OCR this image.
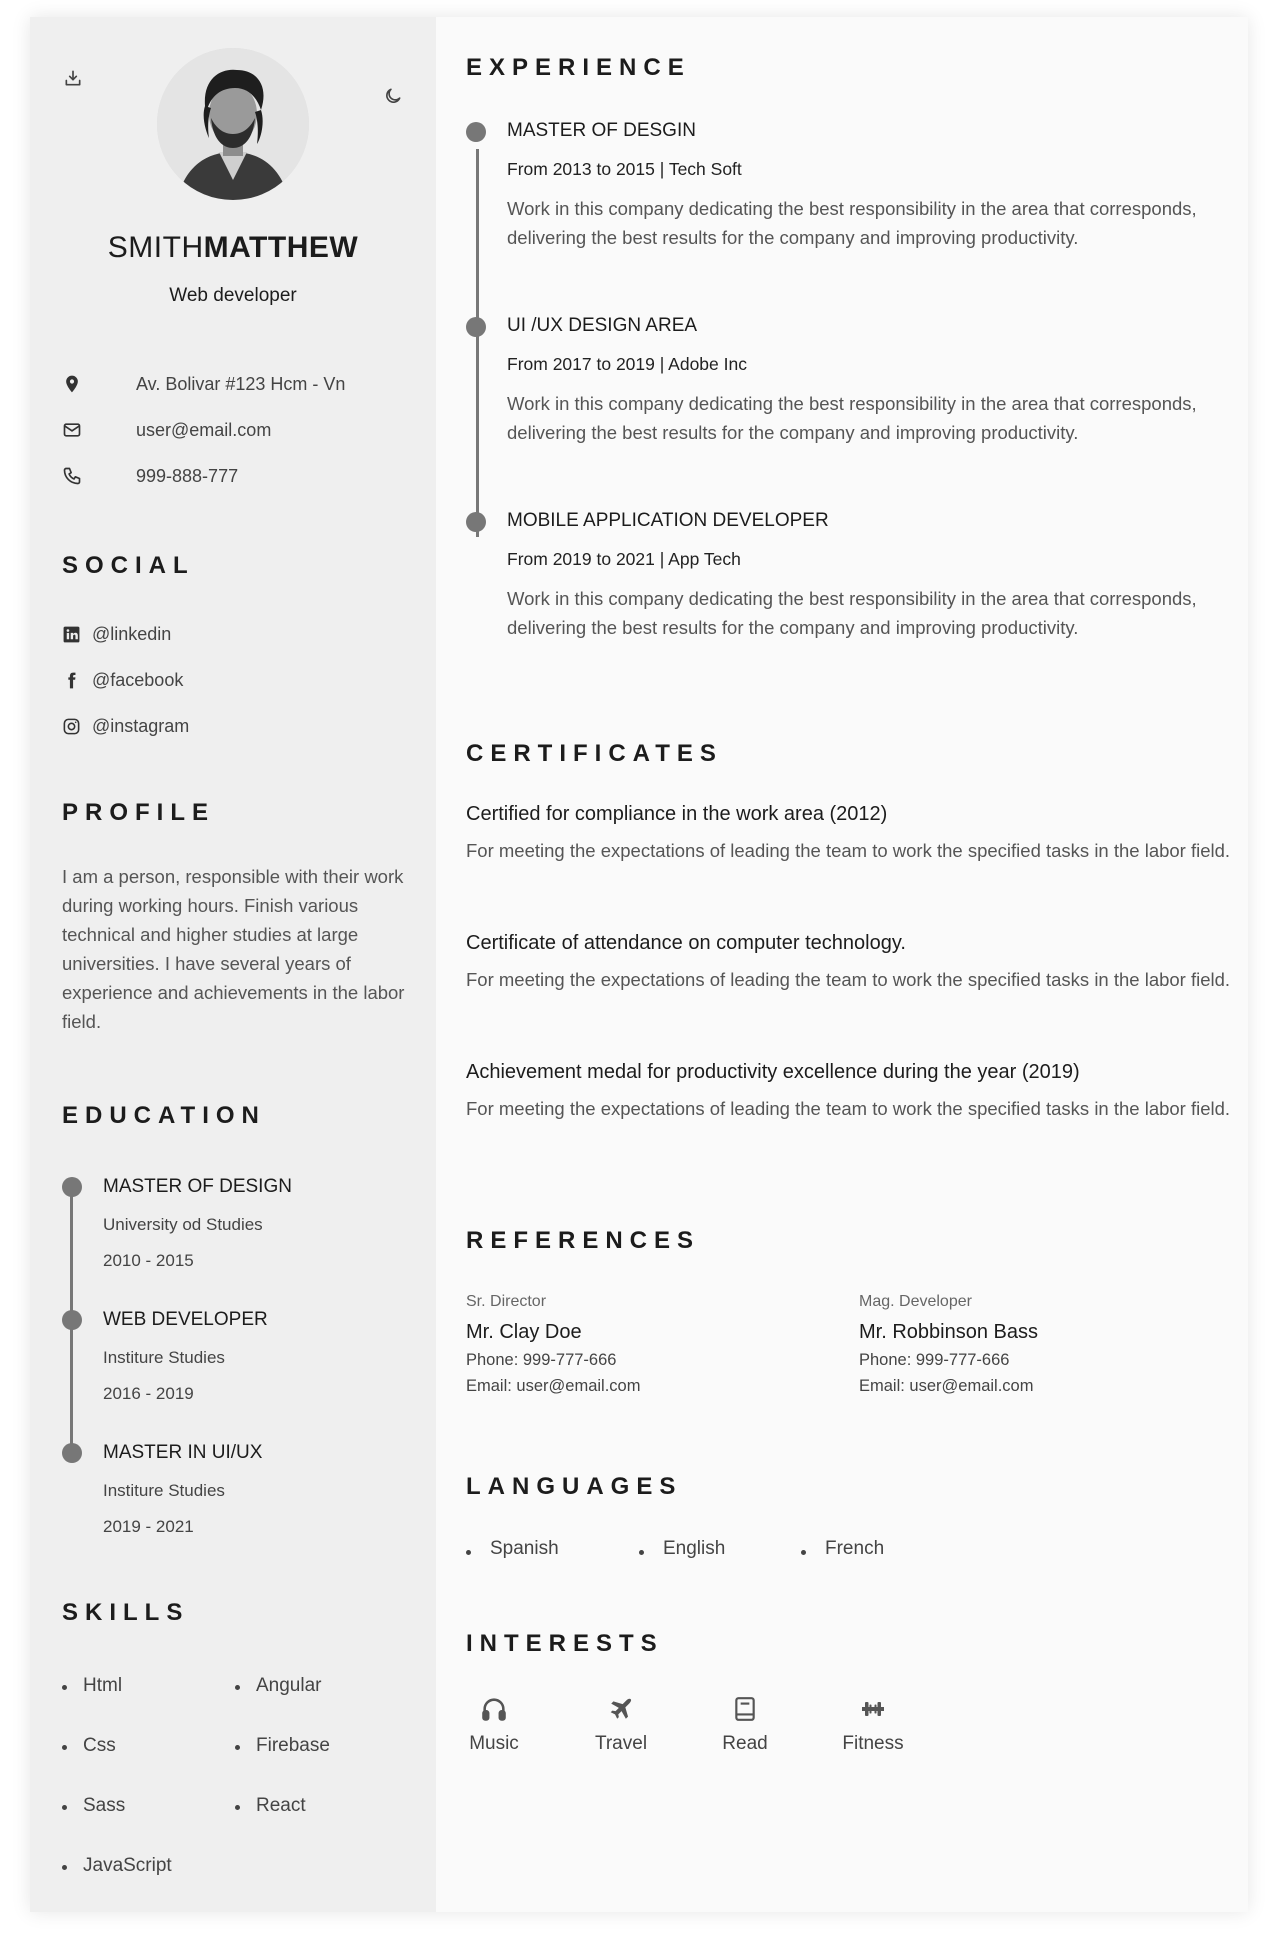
SMITHMATTHEW
Web developer
Av. Bolivar #123 Hcm - Vn
user@email.com
999-888-777
SOCIAL
@linkedin
@facebook
@instagram
PROFILE
I am a person, responsible with their work during working hours. Finish various technical and higher studies at large universities. I have several years of experience and achievements in the labor field.
EDUCATION
MASTER OF DESIGN
University od Studies
2010 - 2015
WEB DEVELOPER
Institure Studies
2016 - 2019
MASTER IN UI/UX
Institure Studies
2019 - 2021
SKILLS
Html	Angular
Css	Firebase
Sass	React
JavaScript
EXPERIENCE
MASTER OF DESGIN
From 2013 to 2015 | Tech Soft
Work in this company dedicating the best responsibility in the area that corresponds, delivering the best results for the company and improving productivity.
UI /UX DESIGN AREA
From 2017 to 2019 | Adobe Inc
Work in this company dedicating the best responsibility in the area that corresponds, delivering the best results for the company and improving productivity.
MOBILE APPLICATION DEVELOPER
From 2019 to 2021 | App Tech
Work in this company dedicating the best responsibility in the area that corresponds, delivering the best results for the company and improving productivity.
CERTIFICATES
Certified for compliance in the work area (2012)
For meeting the expectations of leading the team to work the specified tasks in the labor field.
Certificate of attendance on computer technology.
For meeting the expectations of leading the team to work the specified tasks in the labor field.
Achievement medal for productivity excellence during the year (2019)
For meeting the expectations of leading the team to work the specified tasks in the labor field.
REFERENCES
Sr. Director
Mr. Clay Doe
Phone: 999-777-666
Email: user@email.com
Mag. Developer
Mr. Robbinson Bass
Phone: 999-777-666
Email: user@email.com
LANGUAGES
Spanish	English	French
INTERESTS
Music	Travel	Read	Fitness
